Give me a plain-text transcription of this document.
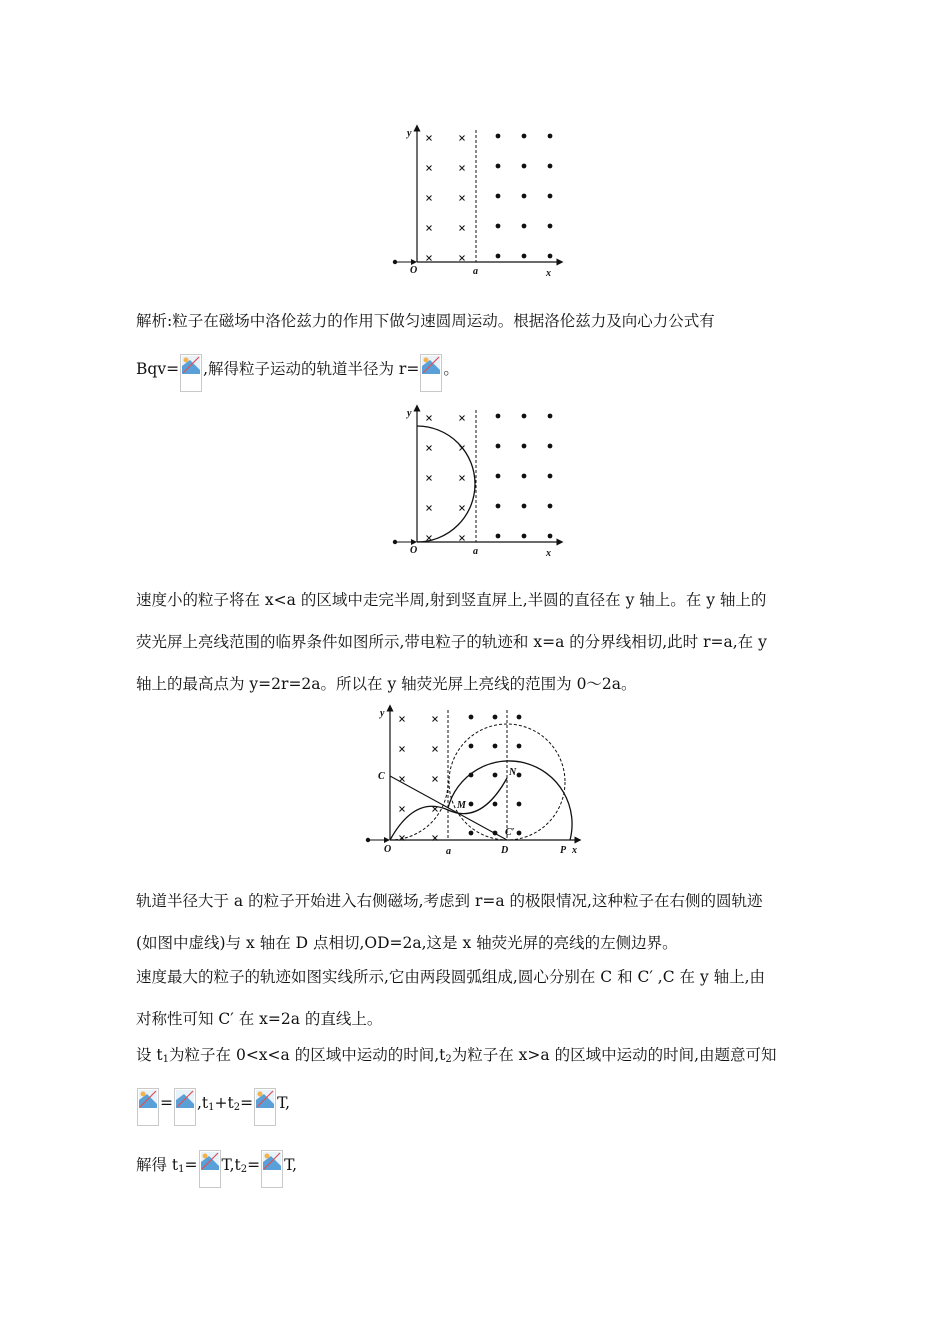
y
O	a	x
解析:粒子在磁场中洛伦兹力的作用下做匀速圆周运动。根据洛伦兹力及向心力公式有
Bqv= ,解得粒子运动的轨道半径为 r= 。
y
O	a	x
速度小的粒子将在 x<a 的区域中走完半周,射到竖直屏上,半圆的直径在 y 轴上。在 y 轴上的
荧光屏上亮线范围的临界条件如图所示,带电粒子的轨迹和 x=a 的分界线相切,此时 r=a,在 y
轴上的最高点为 y=2r=2a。所以在 y 轴荧光屏上亮线的范围为 0～2a。
y
C	N
M
C′
O	a	D	P x
轨道半径大于 a 的粒子开始进入右侧磁场,考虑到 r=a 的极限情况,这种粒子在右侧的圆轨迹
(如图中虚线)与 x 轴在 D 点相切,OD=2a,这是 x 轴荧光屏的亮线的左侧边界。
速度最大的粒子的轨迹如图实线所示,它由两段圆弧组成,圆心分别在 C 和 C′ ,C 在 y 轴上,由
对称性可知 C′ 在 x=2a 的直线上。
设 $t_1$为粒子在 0<x<a 的区域中运动的时间$,t_2$为粒子在 x>a 的区域中运动的时间,由题意可知
= $,t_1+t_2= T$,
解得 $t_1= T,t_2= T$,
